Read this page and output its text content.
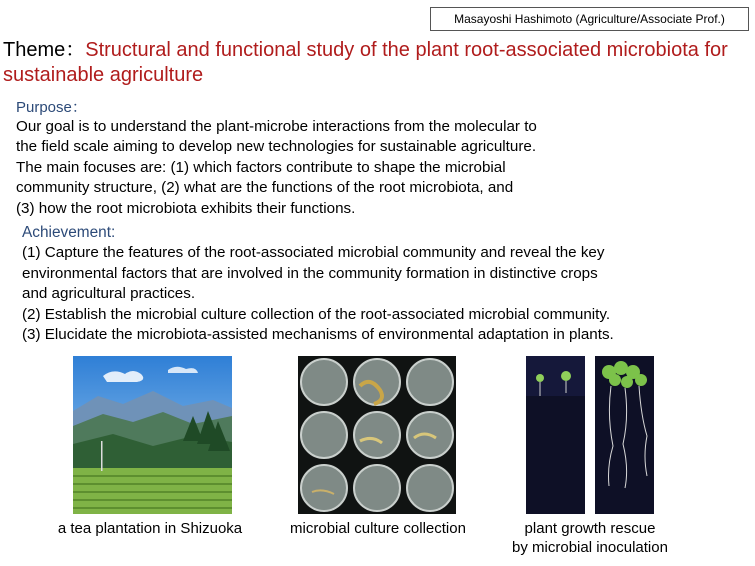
Masayoshi Hashimoto (Agriculture/Associate Prof.)
Theme：Structural and functional study of the plant root-associated microbiota for sustainable agriculture
Purpose：
Our goal is to understand the plant-microbe interactions from the molecular to
the field scale aiming to develop new technologies for sustainable agriculture.
The main focuses are: (1) which factors contribute to shape the microbial
community structure, (2) what are the functions of the root microbiota, and
(3) how the root microbiota exhibits their functions.
Achievement:
(1) Capture the features of the root-associated microbial community and reveal the key
environmental factors that are involved in the community formation in distinctive crops
and agricultural practices.
(2) Establish the microbial culture collection of the root-associated microbial community.
(3) Elucidate the microbiota-assisted mechanisms of environmental adaptation in plants.
a tea plantation in Shizuoka	microbial culture collection	plant growth rescue
by microbial inoculation
